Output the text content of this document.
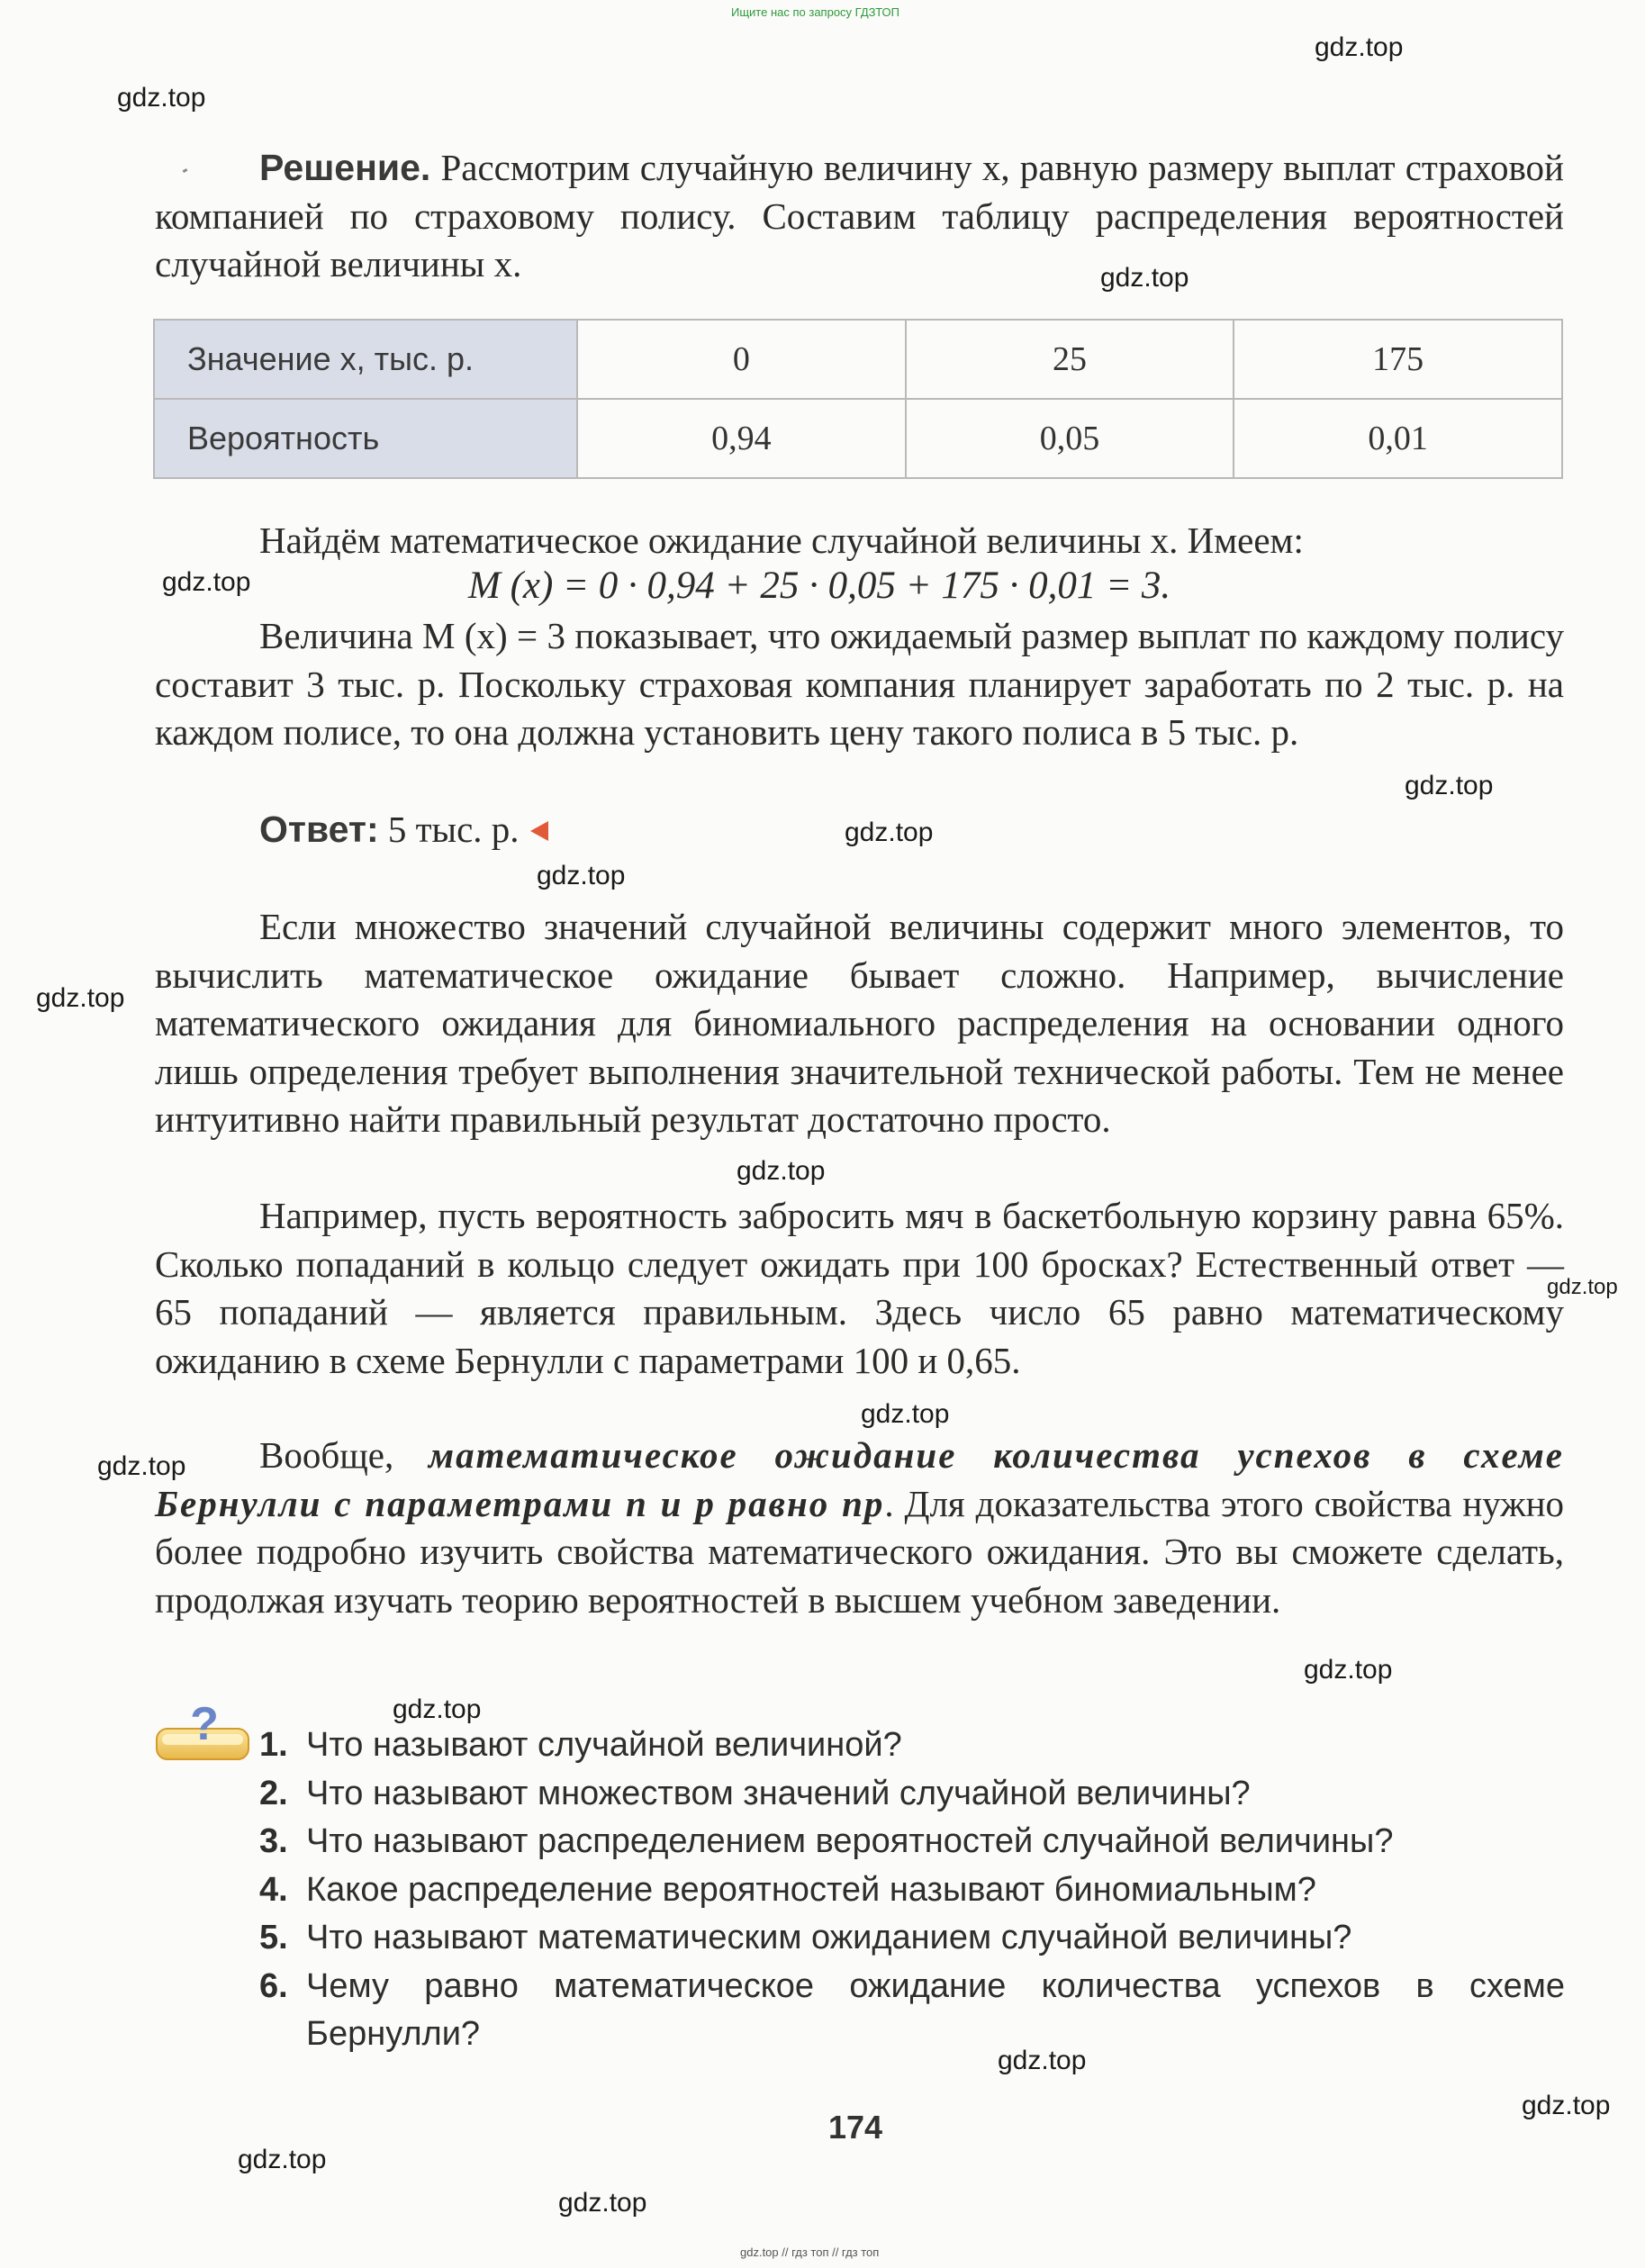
Ищите нас по запросу ГДЗТОП
gdz.top
gdz.top
gdz.top
gdz.top
gdz.top
gdz.top
gdz.top
gdz.top
gdz.top
gdz.top
gdz.top
gdz.top
gdz.top
gdz.top
gdz.top
gdz.top
gdz.top
gdz.top

Решение. Рассмотрим случайную величину x, равную размеру выплат страховой компанией по страховому полису. Составим таблицу распределения вероятностей случайной величины x.

Значение x, тыс. р.	0	25	175
Вероятность	0,94	0,05	0,01

Найдём математическое ожидание случайной величины x. Имеем:

M (x) = 0 · 0,94 + 25 · 0,05 + 175 · 0,01 = 3.

Величина M (x) = 3 показывает, что ожидаемый размер выплат по каждому полису составит 3 тыс. р. Поскольку страховая компания планирует заработать по 2 тыс. р. на каждом полисе, то она должна установить цену такого полиса в 5 тыс. р.

Ответ: 5 тыс. р.

Если множество значений случайной величины содержит много элементов, то вычислить математическое ожидание бывает сложно. Например, вычисление математического ожидания для биномиального распределения на основании одного лишь определения требует выполнения значительной технической работы. Тем не менее интуитивно найти правильный результат достаточно просто.

Например, пусть вероятность забросить мяч в баскетбольную корзину равна 65%. Сколько попаданий в кольцо следует ожидать при 100 бросках? Естественный ответ — 65 попаданий — является правильным. Здесь число 65 равно математическому ожиданию в схеме Бернулли с параметрами 100 и 0,65.

Вообще, математическое ожидание количества успехов в схеме Бернулли с параметрами n и p равно np. Для доказательства этого свойства нужно более подробно изучить свойства математического ожидания. Это вы сможете сделать, продолжая изучать теорию вероятностей в высшем учебном заведении.

? 1. Что называют случайной величиной?
2. Что называют множеством значений случайной величины?
3. Что называют распределением вероятностей случайной величины?
4. Какое распределение вероятностей называют биномиальным?
5. Что называют математическим ожиданием случайной величины?
6. Чему равно математическое ожидание количества успехов в схеме Бернулли?
174
gdz.top // гдз топ // гдз топ
